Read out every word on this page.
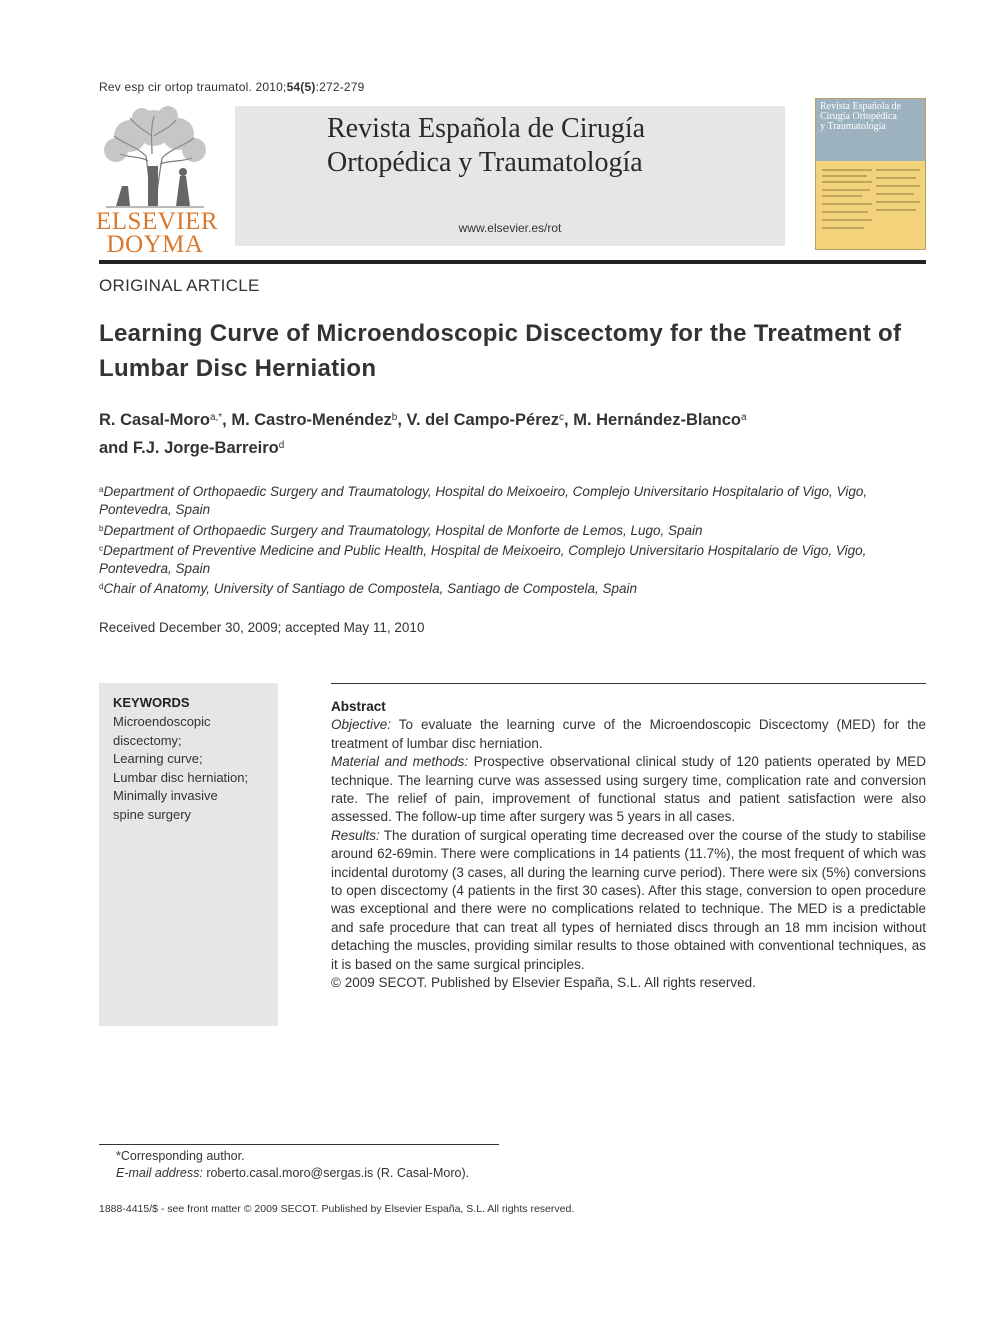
Rev esp cir ortop traumatol. 2010;54(5):272-279
ELSEVIER
DOYMA
Revista Española de Cirugía
Ortopédica y Traumatología
www.elsevier.es/rot
Revista Española de
Cirugía Ortopédica
y Traumatología
ORIGINAL ARTICLE
Learning Curve of Microendoscopic Discectomy for the Treatment of Lumbar Disc Herniation
R. Casal-Moro$^{a,*}$, M. Castro-Menéndez$^b$, V. del Campo-Pérez$^c$, M. Hernández-Blanco$^a$
and F.J. Jorge-Barreiro$^d$
$^a$Department of Orthopaedic Surgery and Traumatology, Hospital do Meixoeiro, Complejo Universitario Hospitalario of Vigo, Vigo, Pontevedra, Spain
$^b$Department of Orthopaedic Surgery and Traumatology, Hospital de Monforte de Lemos, Lugo, Spain
$^c$Department of Preventive Medicine and Public Health, Hospital de Meixoeiro, Complejo Universitario Hospitalario de Vigo, Vigo, Pontevedra, Spain
$^d$Chair of Anatomy, University of Santiago de Compostela, Santiago de Compostela, Spain
Received December 30, 2009; accepted May 11, 2010
KEYWORDS
Microendoscopic
discectomy;
Learning curve;
Lumbar disc herniation;
Minimally invasive
spine surgery
Abstract

Objective: To evaluate the learning curve of the Microendoscopic Discectomy (MED) for the treatment of lumbar disc herniation.

Material and methods: Prospective observational clinical study of 120 patients operated by MED technique. The learning curve was assessed using surgery time, complication rate and conversion rate. The relief of pain, improvement of functional status and patient satisfaction were also assessed. The follow-up time after surgery was 5 years in all cases.

Results: The duration of surgical operating time decreased over the course of the study to stabilise around 62-69min. There were complications in 14 patients (11.7%), the most frequent of which was incidental durotomy (3 cases, all during the learning curve period). There were six (5%) conversions to open discectomy (4 patients in the first 30 cases). After this stage, conversion to open procedure was exceptional and there were no complications related to technique. The MED is a predictable and safe procedure that can treat all types of herniated discs through an 18 mm incision without detaching the muscles, providing similar results to those obtained with conventional techniques, as it is based on the same surgical principles.

© 2009 SECOT. Published by Elsevier España, S.L. All rights reserved.

*Corresponding author.
E-mail address: roberto.casal.moro@sergas.is (R. Casal-Moro).
1888-4415/$ - see front matter © 2009 SECOT. Published by Elsevier España, S.L. All rights reserved.
